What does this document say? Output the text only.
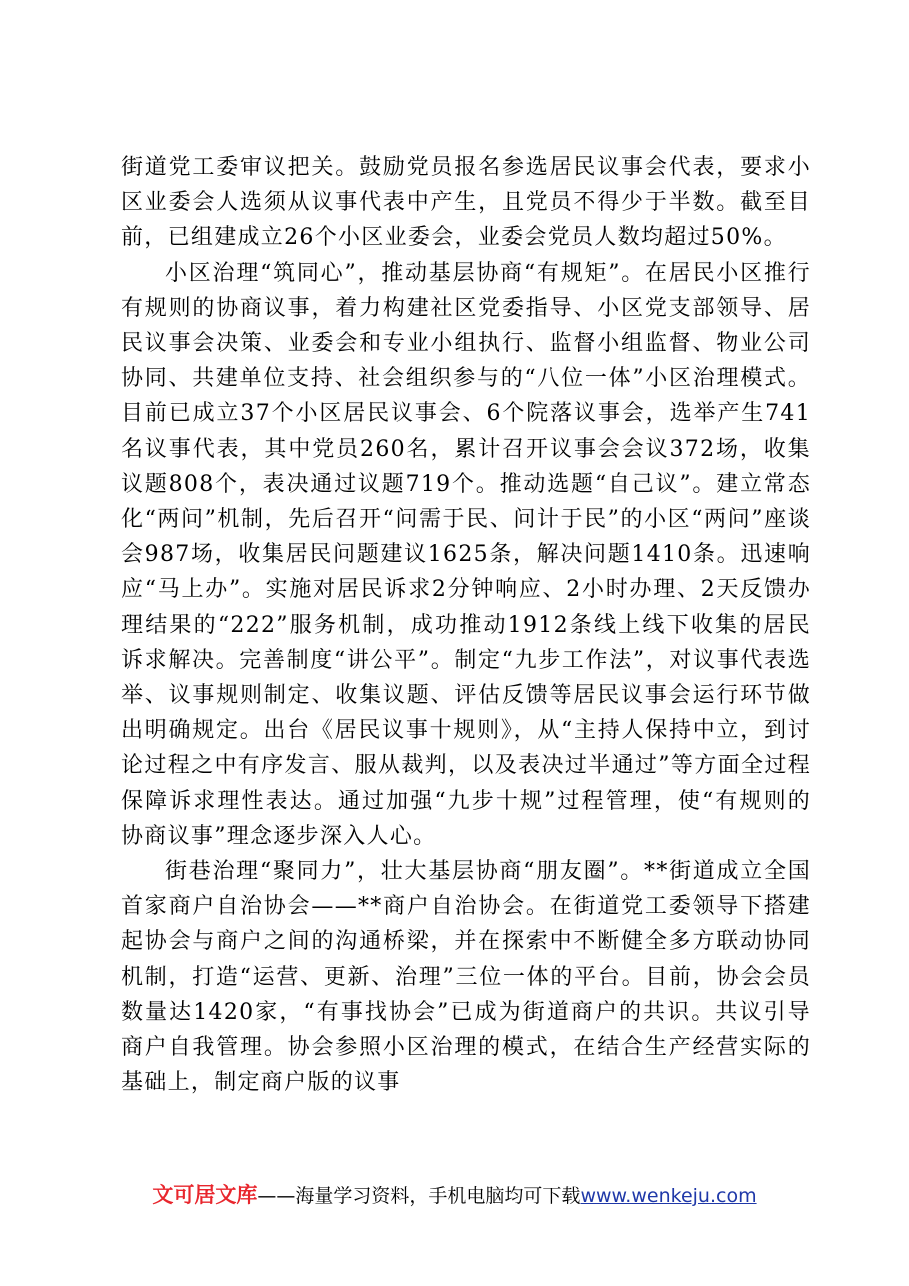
街道党工委审议把关。鼓励党员报名参选居民议事会代表，要求小区业委会人选须从议事代表中产生，且党员不得少于半数。截至目前，已组建成立26个小区业委会，业委会党员人数均超过50%。

小区治理“筑同心”，推动基层协商“有规矩”。在居民小区推行有规则的协商议事，着力构建社区党委指导、小区党支部领导、居民议事会决策、业委会和专业小组执行、监督小组监督、物业公司协同、共建单位支持、社会组织参与的“八位一体”小区治理模式。目前已成立37个小区居民议事会、6个院落议事会，选举产生741名议事代表，其中党员260名，累计召开议事会会议372场，收集议题808个，表决通过议题719个。推动选题“自己议”。建立常态化“两问”机制，先后召开“问需于民、问计于民”的小区“两问”座谈会987场，收集居民问题建议1625条，解决问题1410条。迅速响应“马上办”。实施对居民诉求2分钟响应、2小时办理、2天反馈办理结果的“222”服务机制，成功推动1912条线上线下收集的居民诉求解决。完善制度“讲公平”。制定“九步工作法”，对议事代表选举、议事规则制定、收集议题、评估反馈等居民议事会运行环节做出明确规定。出台《居民议事十规则》，从“主持人保持中立，到讨论过程之中有序发言、服从裁判，以及表决过半通过”等方面全过程保障诉求理性表达。通过加强“九步十规”过程管理，使“有规则的协商议事”理念逐步深入人心。

街巷治理“聚同力”，壮大基层协商“朋友圈”。**街道成立全国首家商户自治协会——**商户自治协会。在街道党工委领导下搭建起协会与商户之间的沟通桥梁，并在探索中不断健全多方联动协同机制，打造“运营、更新、治理”三位一体的平台。目前，协会会员数量达1420家，“有事找协会”已成为街道商户的共识。共议引导商户自我管理。协会参照小区治理的模式，在结合生产经营实际的基础上，制定商户版的议事

文可居文库——海量学习资料，手机电脑均可下载www.wenkeju.com
